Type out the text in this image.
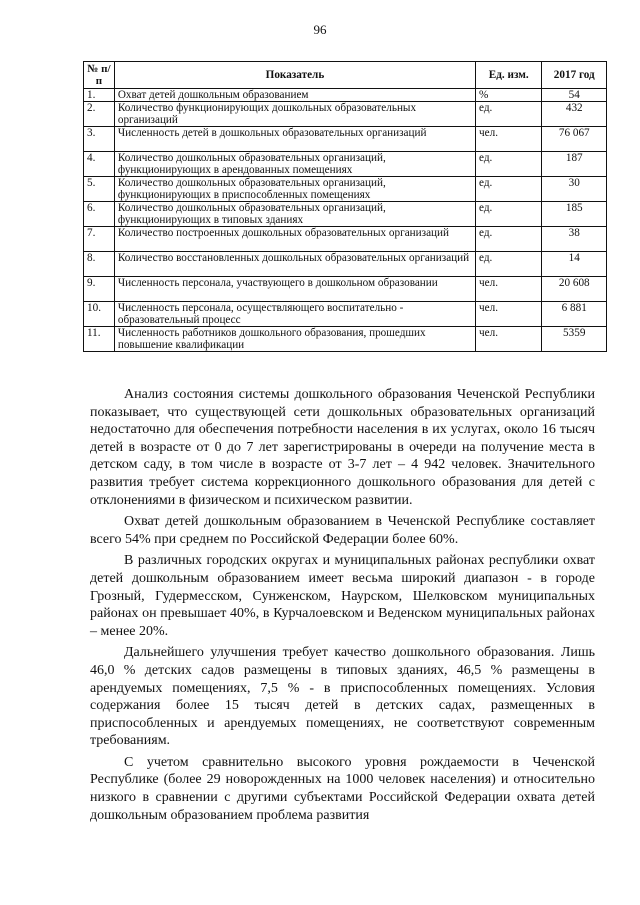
96
№ п/п	Показатель	Ед. изм.	2017 год
1.	Охват детей дошкольным образованием	%	54
2.	Количество функционирующих дошкольных образовательных организаций	ед.	432
3.	Численность детей в дошкольных образовательных организаций	чел.	76 067
4.	Количество дошкольных образовательных организаций, функционирующих в арендованных помещениях	ед.	187
5.	Количество дошкольных образовательных организаций, функционирующих в приспособленных помещениях	ед.	30
6.	Количество дошкольных образовательных организаций, функционирующих в типовых зданиях	ед.	185
7.	Количество построенных дошкольных образовательных организаций	ед.	38
8.	Количество восстановленных дошкольных образовательных организаций	ед.	14
9.	Численность персонала, участвующего в дошкольном образовании	чел.	20 608
10.	Численность персонала, осуществляющего воспитательно - образовательный процесс	чел.	6 881
11.	Численность работников дошкольного образования, прошедших повышение квалификации	чел.	5359

Анализ состояния системы дошкольного образования Чеченской Республики показывает, что существующей сети дошкольных образовательных организаций недостаточно для обеспечения потребности населения в их услугах, около 16 тысяч детей в возрасте от 0 до 7 лет зарегистрированы в очереди на получение места в детском саду, в том числе в возрасте от 3-7 лет – 4 942 человек. Значительного развития требует система коррекционного дошкольного образования для детей с отклонениями в физическом и психическом развитии.

Охват детей дошкольным образованием в Чеченской Республике составляет всего 54% при среднем по Российской Федерации более 60%.

В различных городских округах и муниципальных районах республики охват детей дошкольным образованием имеет весьма широкий диапазон - в городе Грозный, Гудермесском, Сунженском, Наурском, Шелковском муниципальных районах он превышает 40%, в Курчалоевском и Веденском муниципальных районах – менее 20%.

Дальнейшего улучшения требует качество дошкольного образования. Лишь 46,0 % детских садов размещены в типовых зданиях, 46,5 % размещены в арендуемых помещениях, 7,5 % - в приспособленных помещениях. Условия содержания более 15 тысяч детей в детских садах, размещенных в приспособленных и арендуемых помещениях, не соответствуют современным требованиям.

С учетом сравнительно высокого уровня рождаемости в Чеченской Республике (более 29 новорожденных на 1000 человек населения) и относительно низкого в сравнении с другими субъектами Российской Федерации охвата детей дошкольным образованием проблема развития
